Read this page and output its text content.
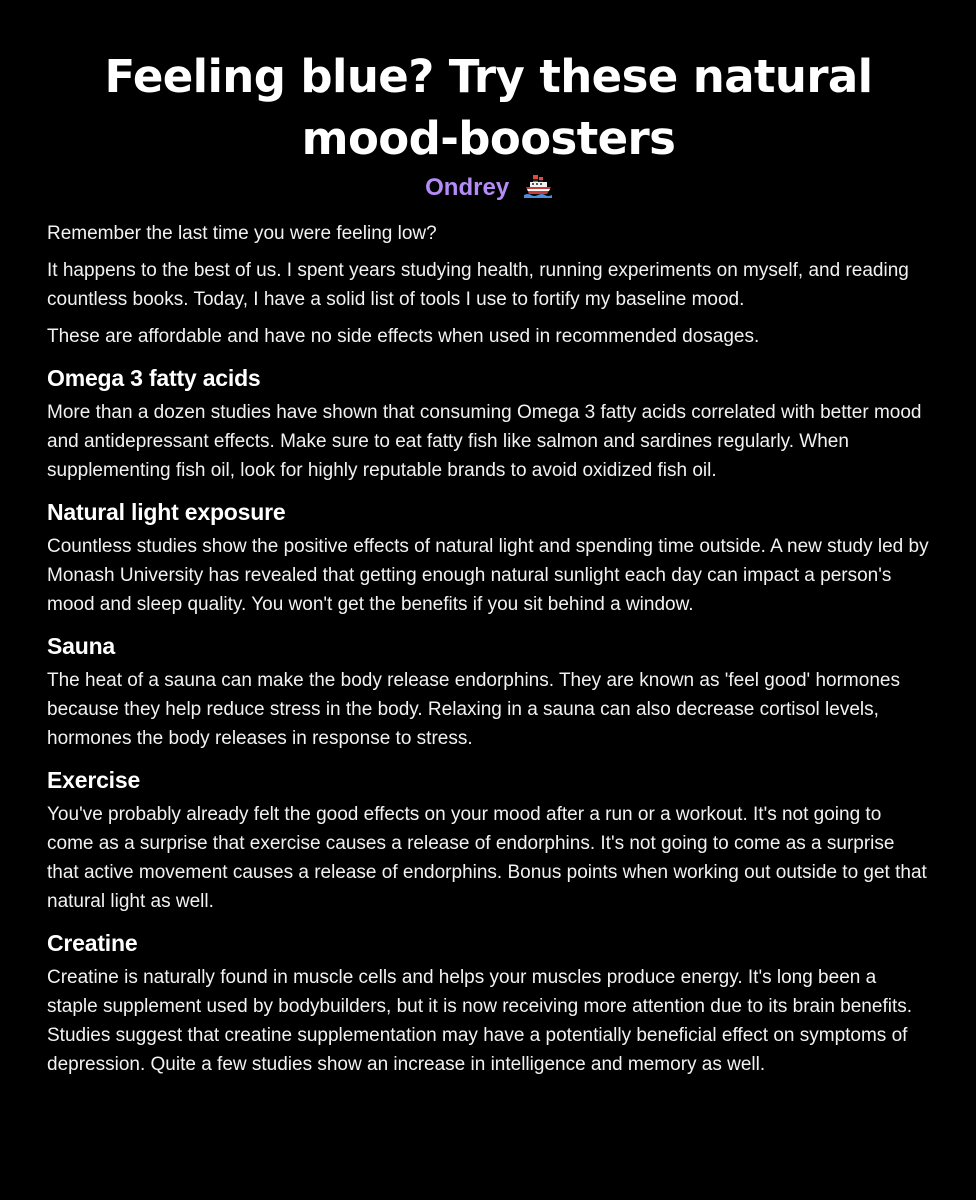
Feeling blue? Try these natural
mood-boosters
Ondrey

Remember the last time you were feeling low?

It happens to the best of us. I spent years studying health, running experiments on myself, and reading countless books. Today, I have a solid list of tools I use to fortify my baseline mood.

These are affordable and have no side effects when used in recommended dosages.

Omega 3 fatty acids

More than a dozen studies have shown that consuming Omega 3 fatty acids correlated with better mood and antidepressant effects. Make sure to eat fatty fish like salmon and sardines regularly. When supplementing fish oil, look for highly reputable brands to avoid oxidized fish oil.

Natural light exposure

Countless studies show the positive effects of natural light and spending time outside. A new study led by Monash University has revealed that getting enough natural sunlight each day can impact a person's mood and sleep quality. You won't get the benefits if you sit behind a window.

Sauna

The heat of a sauna can make the body release endorphins. They are known as 'feel good' hormones because they help reduce stress in the body. Relaxing in a sauna can also decrease cortisol levels, hormones the body releases in response to stress.

Exercise

You've probably already felt the good effects on your mood after a run or a workout. It's not going to come as a surprise that exercise causes a release of endorphins. It's not going to come as a surprise that active movement causes a release of endorphins. Bonus points when working out outside to get that natural light as well.

Creatine

Creatine is naturally found in muscle cells and helps your muscles produce energy. It's long been a staple supplement used by bodybuilders, but it is now receiving more attention due to its brain benefits. Studies suggest that creatine supplementation may have a potentially beneficial effect on symptoms of depression. Quite a few studies show an increase in intelligence and memory as well.
